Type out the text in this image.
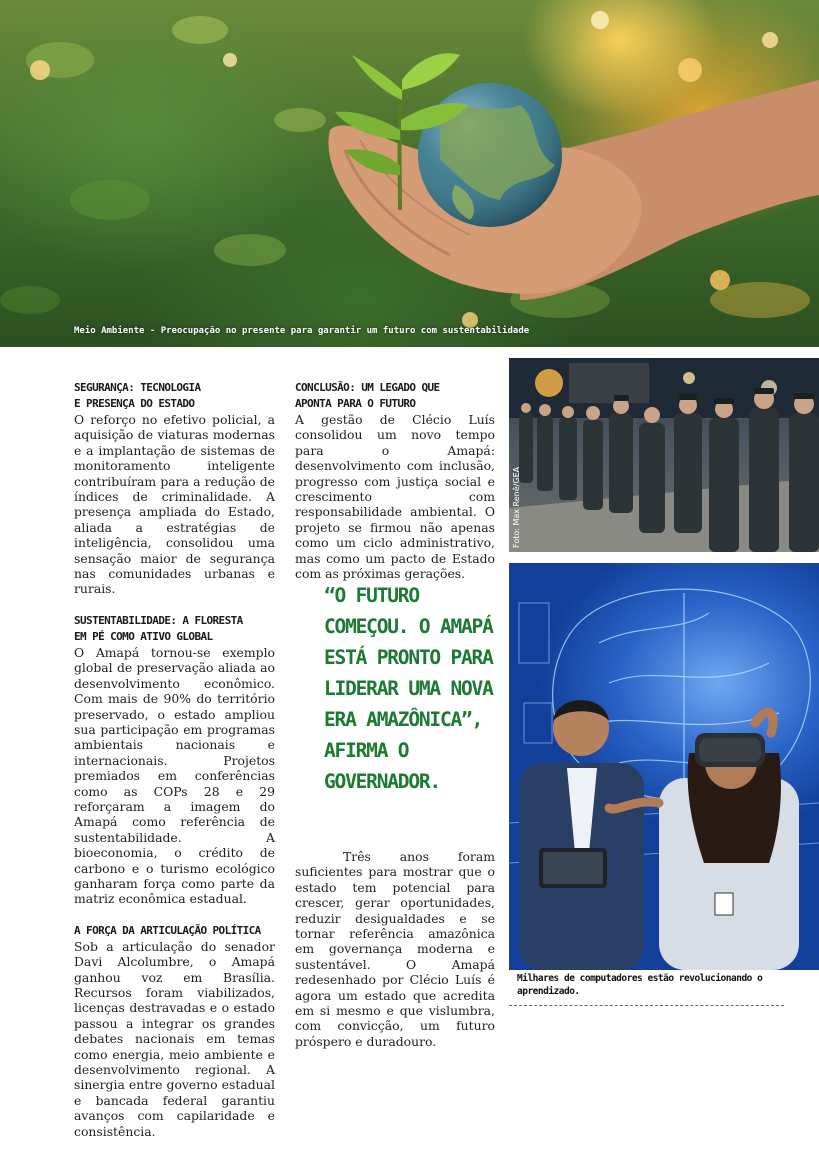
Meio Ambiente - Preocupação no presente para garantir um futuro com sustentabilidade
SEGURANÇA: TECNOLOGIA
E PRESENÇA DO ESTADO

O reforço no efetivo policial, a aquisição de viaturas modernas e a implantação de sistemas de monitoramento inteligente contribuíram para a redução de índices de criminalidade. A presença ampliada do Estado, aliada a estratégias de inteligência, consolidou uma sensação maior de segurança nas comunidades urbanas e rurais.

SUSTENTABILIDADE: A FLORESTA
EM PÉ COMO ATIVO GLOBAL

O Amapá tornou-se exemplo global de preservação aliada ao desenvolvimento econômico. Com mais de 90% do território preservado, o estado ampliou sua participação em programas ambientais nacionais e internacionais. Projetos premiados em conferências como as COPs 28 e 29 reforçaram a imagem do Amapá como referência de sustentabilidade. A bioeconomia, o crédito de carbono e o turismo ecológico ganharam força como parte da matriz econômica estadual.

A FORÇA DA ARTICULAÇÃO POLÍTICA

Sob a articulação do senador Davi Alcolumbre, o Amapá ganhou voz em Brasília. Recursos foram viabilizados, licenças destravadas e o estado passou a integrar os grandes debates nacionais em temas como energia, meio ambiente e desenvolvimento regional. A sinergia entre governo estadual e bancada federal garantiu avanços com capilaridade e consistência.

CONCLUSÃO: UM LEGADO QUE
APONTA PARA O FUTURO

A gestão de Clécio Luís consolidou um novo tempo para o Amapá: desenvolvimento com inclusão, progresso com justiça social e crescimento com responsabilidade ambiental. O projeto se firmou não apenas como um ciclo administrativo, mas como um pacto de Estado com as próximas gerações.

“O FUTURO COMEÇOU. O AMAPÁ ESTÁ PRONTO PARA LIDERAR UMA NOVA ERA AMAZÔNICA”, AFIRMA O GOVERNADOR.

Três anos foram suficientes para mostrar que o estado tem potencial para crescer, gerar oportunidades, reduzir desigualdades e se tornar referência amazônica em governança moderna e sustentável. O Amapá redesenhado por Clécio Luís é agora um estado que acredita em si mesmo e que vislumbra, com convicção, um futuro próspero e duradouro.

Foto: Max Renê/GEA
Milhares de computadores estão revolucionando o aprendizado.
